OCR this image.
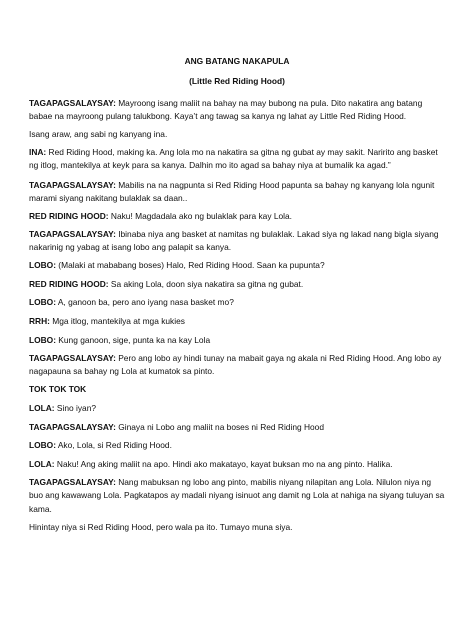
ANG BATANG NAKAPULA
(Little Red Riding Hood)

TAGAPAGSALAYSAY: Mayroong isang maliit na bahay na may bubong na pula. Dito nakatira ang batang babae na mayroong pulang talukbong. Kaya’t ang tawag sa kanya ng lahat ay Little Red Riding Hood.

Isang araw, ang sabi ng kanyang ina.

INA: Red Riding Hood, making ka. Ang lola mo na nakatira sa gitna ng gubat ay may sakit. Naririto ang basket ng itlog, mantekilya at keyk para sa kanya. Dalhin mo ito agad sa bahay niya at bumalik ka agad.”

TAGAPAGSALAYSAY: Mabilis na na nagpunta si Red Riding Hood papunta sa bahay ng kanyang lola ngunit marami siyang nakitang bulaklak sa daan..

RED RIDING HOOD: Naku! Magdadala ako ng bulaklak para kay Lola.

TAGAPAGSALAYSAY: Ibinaba niya ang basket at namitas ng bulaklak. Lakad siya ng lakad nang bigla siyang nakarinig ng yabag at isang lobo ang palapit sa kanya.

LOBO: (Malaki at mababang boses) Halo, Red Riding Hood. Saan ka pupunta?

RED RIDING HOOD: Sa aking Lola, doon siya nakatira sa gitna ng gubat.

LOBO: A, ganoon ba, pero ano iyang nasa basket mo?

RRH: Mga itlog, mantekilya at mga kukies

LOBO: Kung ganoon, sige, punta ka na kay Lola

TAGAPAGSALAYSAY: Pero ang lobo ay hindi tunay na mabait gaya ng akala ni Red Riding Hood. Ang lobo ay nagapauna sa bahay ng Lola at kumatok sa pinto.

TOK TOK TOK

LOLA: Sino iyan?

TAGAPAGSALAYSAY: Ginaya ni Lobo ang maliit na boses ni Red Riding Hood

LOBO: Ako, Lola, si Red Riding Hood.

LOLA: Naku! Ang aking maliit na apo. Hindi ako makatayo, kayat buksan mo na ang pinto. Halika.

TAGAPAGSALAYSAY: Nang mabuksan ng lobo ang pinto, mabilis niyang nilapitan ang Lola. Nilulon niya ng buo ang kawawang Lola. Pagkatapos ay madali niyang isinuot ang damit ng Lola at nahiga na siyang tuluyan sa kama.

Hinintay niya si Red Riding Hood, pero wala pa ito. Tumayo muna siya.
